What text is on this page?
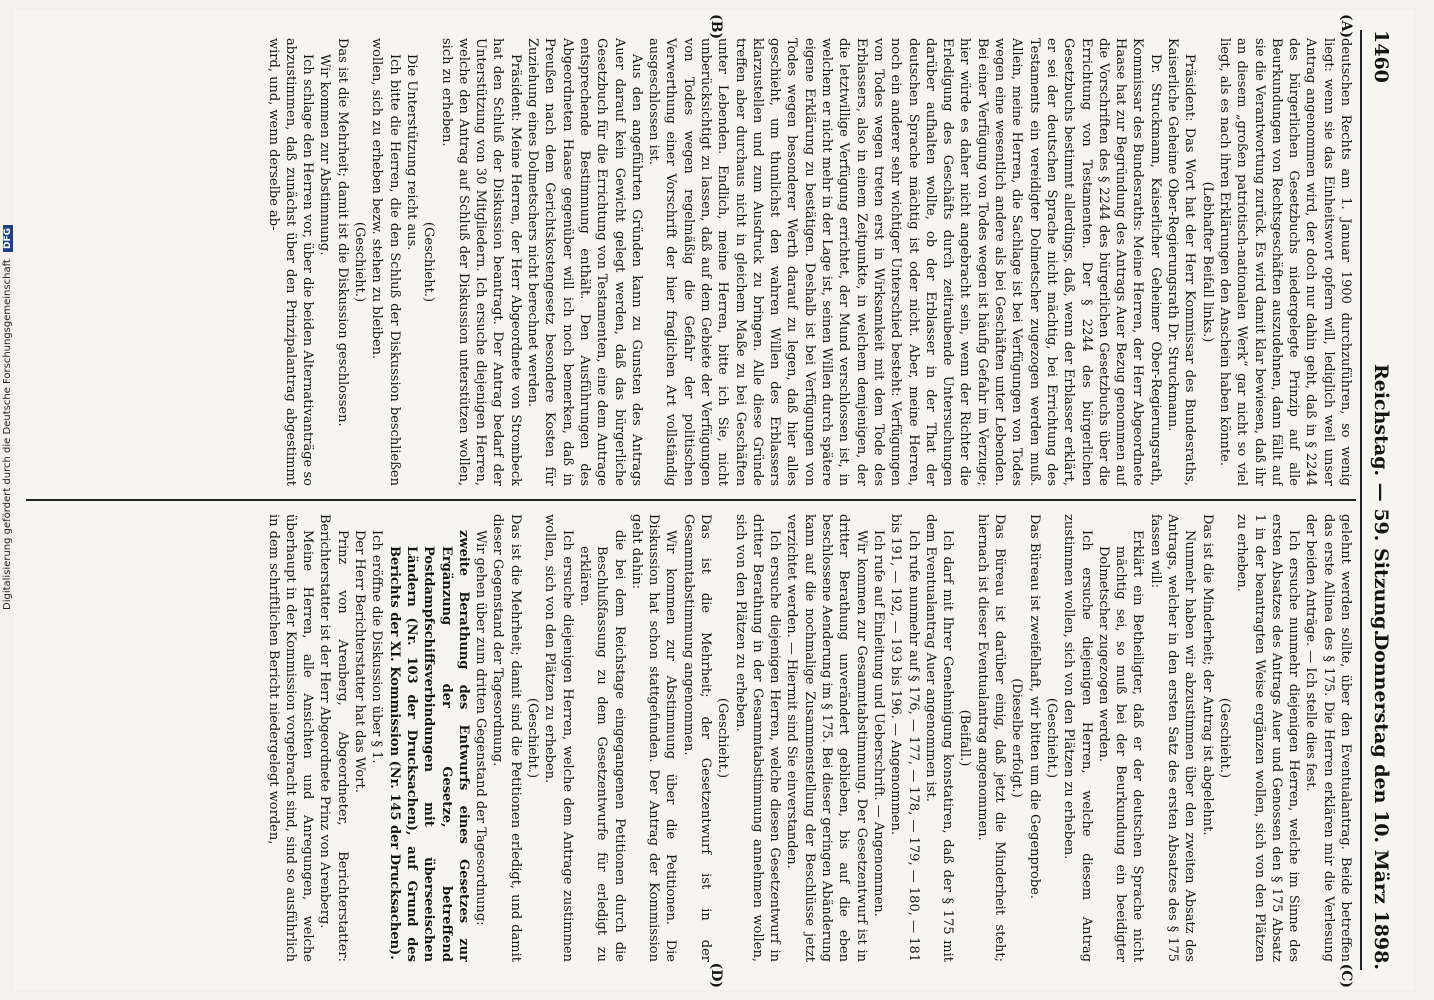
1460
Reichstag. — 59. Sitzung.
Donnerstag den 10. März 1898.
(A)
(B)
(C)
(D)

deutschen Rechts am 1. Januar 1900 durchzuführen, so wenig liegt: wenn sie das Einheitswort opfern will, lediglich weil unser Antrag angenommen wird, der doch nur dahin geht, daß in § 2244 des bürgerlichen Gesetzbuchs niedergelegte Prinzip auf alle Beurkundungen von Rechtsgeschäften auszudehnen, dann fällt auf sie die Verantwortung zurück. Es wird damit klar bewiesen, daß ihr an diesem „großen patriotisch-nationalen Werk“ gar nicht so viel liegt, als es nach ihren Erklärungen den Anschein haben könnte.

(Lebhafter Beifall links.)

Präsident: Das Wort hat der Herr Kommissar des Bundesraths, Kaiserliche Geheime Ober-Regierungsrath Dr. Struckmann.

Dr. Struckmann, Kaiserlicher Geheimer Ober-Regierungsrath, Kommissar des Bundesraths: Meine Herren, der Herr Abgeordnete Haase hat zur Begründung des Antrags Auer Bezug genommen auf die Vorschriften des § 2244 des bürgerlichen Gesetzbuchs über die Errichtung von Testamenten. Der § 2244 des bürgerlichen Gesetzbuchs bestimmt allerdings, daß, wenn der Erblasser erklärt, er sei der deutschen Sprache nicht mächtig, bei Errichtung des Testaments ein vereidigter Dolmetscher zugezogen werden muß. Allein, meine Herren, die Sachlage ist bei Verfügungen von Todes wegen eine wesentlich andere als bei Geschäften unter Lebenden. Bei einer Verfügung von Todes wegen ist häufig Gefahr im Verzuge; hier würde es daher nicht angebracht sein, wenn der Richter die Erledigung des Geschäfts durch zeitraubende Untersuchungen darüber aufhalten wollte, ob der Erblasser in der That der deutschen Sprache mächtig ist oder nicht. Aber, meine Herren, noch ein anderer sehr wichtiger Unterschied besteht: Verfügungen von Todes wegen treten erst in Wirksamkeit mit dem Tode des Erblassers, also in einem Zeitpunkte, in welchem demjenigen, der die letztwillige Verfügung errichtet, der Mund verschlossen ist, in welchem er nicht mehr in der Lage ist, seinen Willen durch spätere eigene Erklärung zu bestätigen. Deshalb ist bei Verfügungen von Todes wegen besonderer Werth darauf zu legen, daß hier alles geschieht, um thunlichst den wahren Willen des Erblassers klarzustellen und zum Ausdruck zu bringen. Alle diese Gründe treffen aber durchaus nicht in gleichem Maße zu bei Geschäften unter Lebenden. Endlich, meine Herren, bitte ich Sie, nicht unberücksichtigt zu lassen, daß auf dem Gebiete der Verfügungen von Todes wegen regelmäßig die Gefahr der politischen Verwerthung einer Vorschrift der hier fraglichen Art vollständig ausgeschlossen ist.

Aus den angeführten Gründen kann zu Gunsten des Antrags Auer darauf kein Gewicht gelegt werden, daß das bürgerliche Gesetzbuch für die Errichtung von Testamenten, eine dem Antrage entsprechende Bestimmung enthält. Den Ausführungen des Abgeordneten Haase gegenüber will ich noch bemerken, daß in Preußen nach dem Gerichtskostengesetz besondere Kosten für Zuziehung eines Dolmetschers nicht berechnet werden.

Präsident: Meine Herren, der Herr Abgeordnete von Strombeck hat den Schluß der Diskussion beantragt. Der Antrag bedarf der Unterstützung von 30 Mitgliedern. Ich ersuche diejenigen Herren, welche den Antrag auf Schluß der Diskussion unterstützen wollen, sich zu erheben.

(Geschieht.)

Die Unterstützung reicht aus.

Ich bitte die Herren, die den Schluß der Diskussion beschließen wollen, sich zu erheben bezw. stehen zu bleiben.

(Geschieht.)

Das ist die Mehrheit; damit ist die Diskussion geschlossen.

Wir kommen zur Abstimmung.

Ich schlage den Herren vor, über die beiden Alternativanträge so abzustimmen, daß zunächst über den Prinzipalantrag abgestimmt wird, und, wenn derselbe ab-

gelehnt werden sollte, über den Eventualantrag. Beide betreffen das erste Alinea des § 175. Die Herren erklären mir die Verlesung der beiden Anträge. — Ich stelle dies fest.

Ich ersuche nunmehr diejenigen Herren, welche im Sinne des ersten Absatzes des Antrags Auer und Genossen den § 175 Absatz 1 in der beantragten Weise ergänzen wollen, sich von den Plätzen zu erheben.

(Geschieht.)

Das ist die Minderheit; der Antrag ist abgelehnt.

Nunmehr haben wir abzustimmen über den zweiten Absatz des Antrags, welcher in den ersten Satz des ersten Absatzes des § 175 fassen will:

Erklärt ein Betheiligter, daß er der deutschen Sprache nicht mächtig sei, so muß bei der Beurkundung ein beeidigter Dolmetscher zugezogen werden.

Ich ersuche diejenigen Herren, welche diesem Antrag zustimmen wollen, sich von den Plätzen zu erheben.

(Geschieht.)

Das Büreau ist zweifelhaft, wir bitten um die Gegenprobe.

(Dieselbe erfolgt.)

Das Büreau ist darüber einig, daß jetzt die Minderheit steht; hiernach ist dieser Eventualantrag angenommen.

(Beifall.)

Ich darf mit Ihrer Genehmigung konstatiren, daß der § 175 mit dem Eventualantrag Auer angenommen ist.

Ich rufe nunmehr auf § 176, — 177, — 178, — 179, — 180, — 181 bis 191, — 192, — 193 bis 196. — Angenommen.

Ich rufe auf Einleitung und Ueberschrift. — Angenommen.

Wir kommen zur Gesammtabstimmung. Der Gesetzentwurf ist in dritter Berathung unverändert geblieben, bis auf die eben beschlossene Aenderung im § 175. Bei dieser geringen Abänderung kann auf die nochmalige Zusammenstellung der Beschlüsse jetzt verzichtet werden. — Hiermit sind Sie einverstanden.

Ich ersuche diejenigen Herren, welche diesen Gesetzentwurf in dritter Berathung in der Gesammtabstimmung annehmen wollen, sich von den Plätzen zu erheben.

(Geschieht.)

Das ist die Mehrheit; der Gesetzentwurf ist in der Gesammtabstimmung angenommen.

Wir kommen zur Abstimmung über die Petitionen. Die Diskussion hat schon stattgefunden. Der Antrag der Kommission geht dahin:

die bei dem Reichstage eingegangenen Petitionen durch die Beschlußfassung zu dem Gesetzentwurfe für erledigt zu erklären.

Ich ersuche diejenigen Herren, welche dem Antrage zustimmen wollen, sich von den Plätzen zu erheben.

(Geschieht.)

Das ist die Mehrheit; damit sind die Petitionen erledigt, und damit dieser Gegenstand der Tagesordnung.

Wir gehen über zum dritten Gegenstand der Tagesordnung:

zweite Berathung des Entwurfs eines Gesetzes zur Ergänzung der Gesetze, betreffend Postdampfschiffsverbindungen mit überseeischen Ländern (Nr. 103 der Drucksachen), auf Grund des Berichts der XI. Kommission (Nr. 145 der Drucksachen).

Ich eröffne die Diskussion über § 1.

Der Herr Berichterstatter hat das Wort.

Prinz von Arenberg, Abgeordneter, Berichterstatter: Berichterstatter ist der Herr Abgeordnete Prinz von Arenberg.

Meine Herren, alle Ansichten und Anregungen, welche überhaupt in der Kommission vorgebracht sind, sind so ausführlich in dem schriftlichen Bericht niedergelegt worden,

Digitalisierung gefördert durch die Deutsche Forschungsgemeinschaft DFG
